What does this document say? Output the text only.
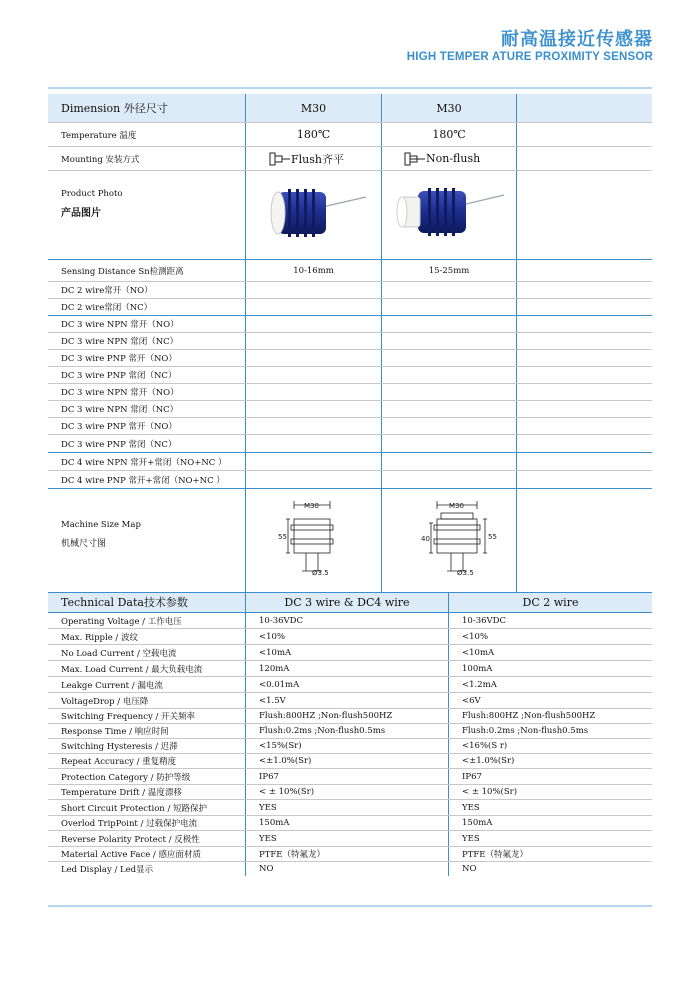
耐高温接近传感器
HIGH TEMPER ATURE PROXIMITY SENSOR
Dimension 外径尺寸	M30	M30
Temperature 温度	180℃	180℃
Mounting 安装方式	Flush齐平	Non-flush
Product Photo
产品图片
Sensing Distance Sn检测距离	10-16mm	15-25mm
DC 2 wire常开（NO）
DC 2 wire常闭（NC）
DC 3 wire NPN 常开（NO）
DC 3 wire NPN 常闭（NC）
DC 3 wire PNP 常开（NO）
DC 3 wire PNP 常闭（NC）
DC 3 wire NPN 常开（NO）
DC 3 wire NPN 常闭（NC）
DC 3 wire PNP 常开（NO）
DC 3 wire PNP 常闭（NC）
DC 4 wire NPN 常开+常闭（NO+NC ）
DC 4 wire PNP 常开+常闭（NO+NC ）
Machine Size Map
机械尺寸图
M30
55
Ø3.5
M30
40	55
Ø3.5
Technical Data技术参数	DC 3 wire & DC4 wire	DC 2 wire
Operating Voltage / 工作电压	10-36VDC	10-36VDC
Max. Ripple / 波纹	<10%	<10%
No Load Current / 空载电流	<10mA	<10mA
Max. Load Current / 最大负载电流	120mA	100mA
Leakge Current / 漏电流	<0.01mA	<1.2mA
VoltageDrop / 电压降	<1.5V	<6V
Switching Frequency / 开关频率	Flush:800HZ ;Non-flush500HZ	Flush:800HZ ;Non-flush500HZ
Response Time / 响应时间	Flush:0.2ms ;Non-flush0.5ms	Flush:0.2ms ;Non-flush0.5ms
Switching Hysteresis / 迟滞	<15%(Sr)	<16%(S r)
Repeat Accuracy / 重复精度	<±1.0%(Sr)	<±1.0%(Sr)
Protection Category / 防护等级	IP67	IP67
Temperature Drift / 温度漂移	< ± 10%(Sr)	< ± 10%(Sr)
Short Circuit Protection / 短路保护	YES	YES
Overlod TripPoint / 过载保护电流	150mA	150mA
Reverse Polarity Protect / 反极性	YES	YES
Material Active Face / 感应面材质	PTFE（特氟龙）	PTFE（特氟龙）
Led Display / Led显示	NO	NO
